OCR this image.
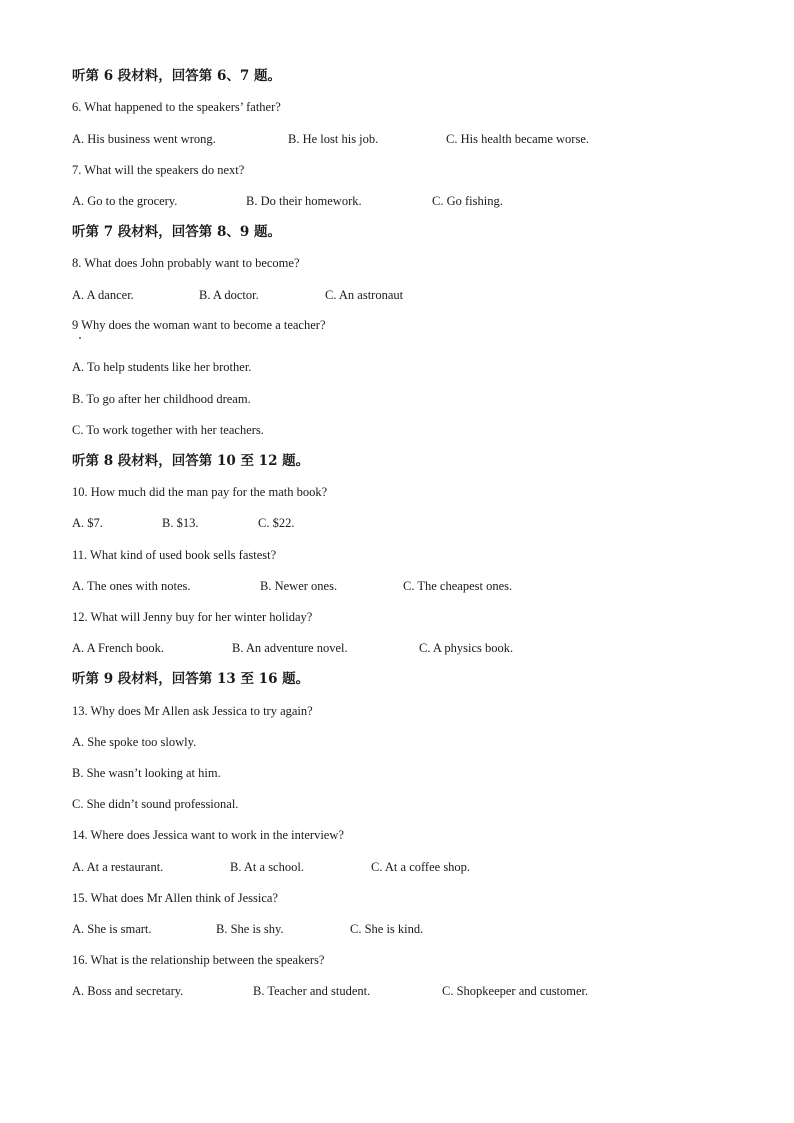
听第 6 段材料，回答第 6、7 题。
6. What happened to the speakers’ father?
A. His business went wrong.	B. He lost his job.	C. His health became worse.
7. What will the speakers do next?
A. Go to the grocery.	B. Do their homework.	C. Go fishing.
听第 7 段材料，回答第 8、9 题。
8. What does John probably want to become?
A. A dancer.	B. A doctor.	C. An astronaut
9 Why does the woman want to become a teacher?
A. To help students like her brother.
B. To go after her childhood dream.
C. To work together with her teachers.
听第 8 段材料，回答第 10 至 12 题。
10. How much did the man pay for the math book?
A. $7.	B. $13.	C. $22.
11. What kind of used book sells fastest?
A. The ones with notes.	B. Newer ones.	C. The cheapest ones.
12. What will Jenny buy for her winter holiday?
A. A French book.	B. An adventure novel.	C. A physics book.
听第 9 段材料，回答第 13 至 16 题。
13. Why does Mr Allen ask Jessica to try again?
A. She spoke too slowly.
B. She wasn’t looking at him.
C. She didn’t sound professional.
14. Where does Jessica want to work in the interview?
A. At a restaurant.	B. At a school.	C. At a coffee shop.
15. What does Mr Allen think of Jessica?
A. She is smart.	B. She is shy.	C. She is kind.
16. What is the relationship between the speakers?
A. Boss and secretary.	B. Teacher and student.	C. Shopkeeper and customer.
